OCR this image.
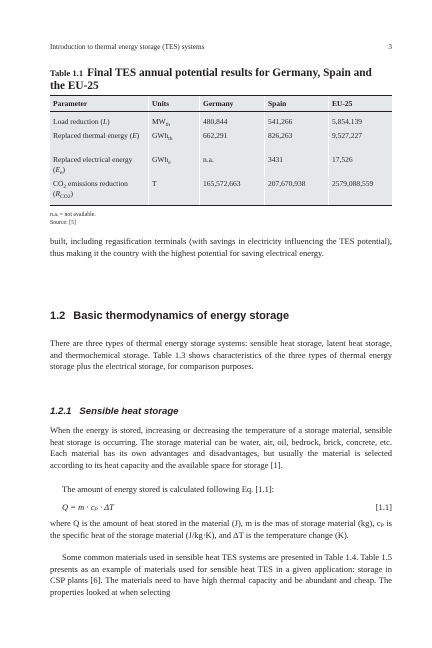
Introduction to thermal energy storage (TES) systems	3
Table 1.1 Final TES annual potential results for Germany, Spain and the EU-25
Parameter	Units	Germany	Spain	EU-25
Load reduction (L)	$MW_{th}$	480,844	541,266	5,854,139
Replaced thermal energy (E)	GWh$_{th}$	662,291	826,263	9,527,227
Replaced electrical energy $(E_e)$	GWh$_e$	n.a.	3431	17,526
$CO_2$ emissions reduction $(R_{CO2})$	T	165,572,663	207,670,938	2579,088,559
n.a. = not available.
Source: [5]

built, including regasification terminals (with savings in electricity influencing the TES potential), thus making it the country with the highest potential for saving electrical energy.

1.2 Basic thermodynamics of energy storage

There are three types of thermal energy storage systems: sensible heat storage, latent heat storage, and thermochemical storage. Table 1.3 shows characteristics of the three types of thermal energy storage plus the electrical storage, for comparison purposes.

1.2.1 Sensible heat storage

When the energy is stored, increasing or decreasing the temperature of a storage material, sensible heat storage is occurring. The storage material can be water, air, oil, bedrock, brick, concrete, etc. Each material has its own advantages and disadvantages, but usually the material is selected according to its heat capacity and the available space for storage [1].

The amount of energy stored is calculated following Eq. [1.1]:

Q = m · cₚ · ΔT	[1.1]

where Q is the amount of heat stored in the material (J), m is the mas of storage material (kg), cₚ is the specific heat of the storage material (J/kg·K), and ΔT is the temperature change (K).

Some common materials used in sensible heat TES systems are presented in Table 1.4. Table 1.5 presents as an example of materials used for sensible heat TES in a given application: storage in CSP plants [6]. The materials need to have high thermal capacity and be abundant and cheap. The properties looked at when selecting
